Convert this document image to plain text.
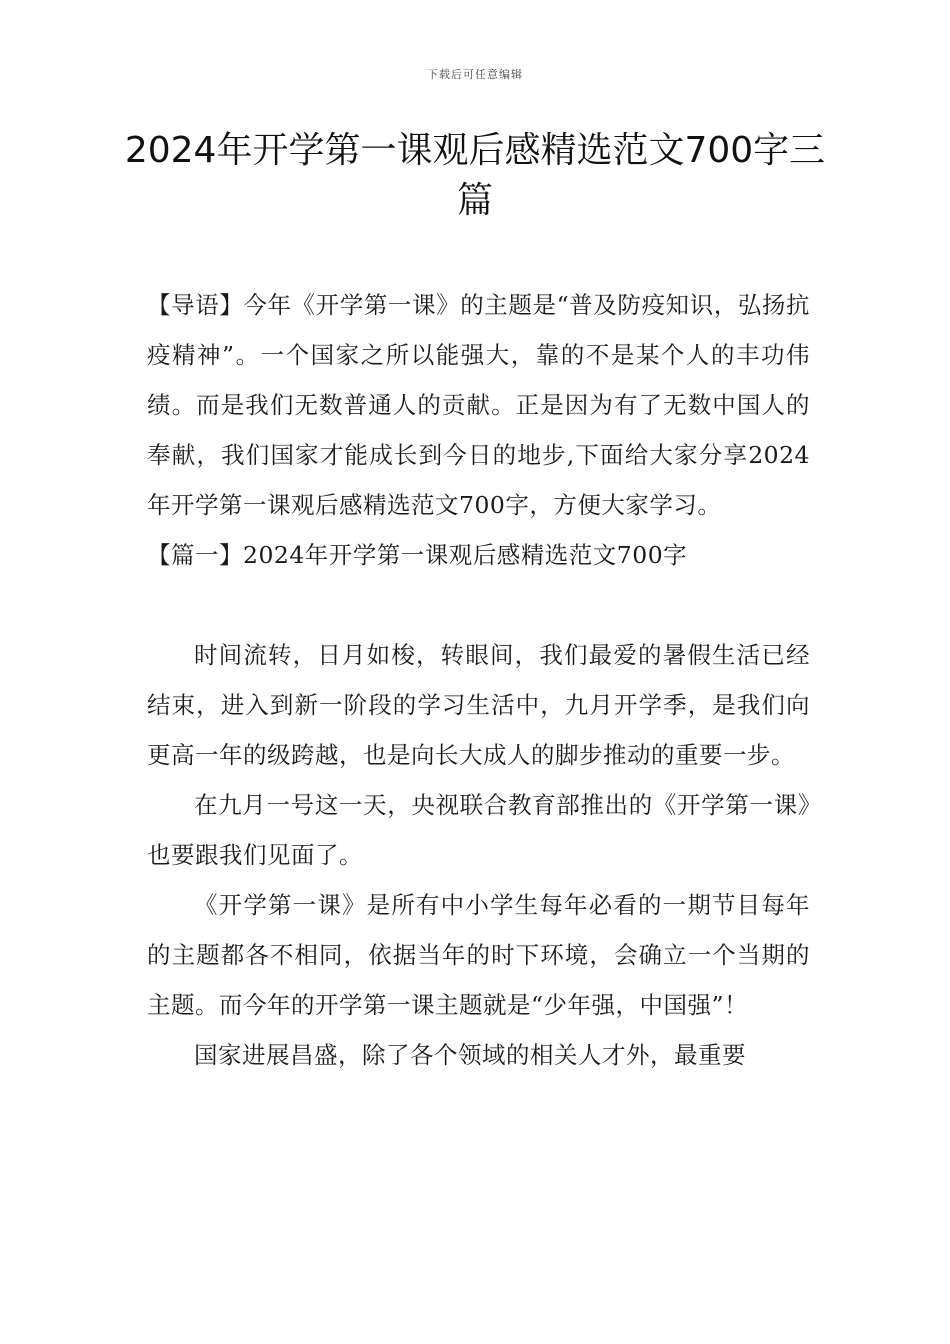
下载后可任意编辑
2024年开学第一课观后感精选范文700字三篇

【导语】今年《开学第一课》的主题是“普及防疫知识，弘扬抗疫精神”。一个国家之所以能强大，靠的不是某个人的丰功伟绩。而是我们无数普通人的贡献。正是因为有了无数中国人的奉献，我们国家才能成长到今日的地步,下面给大家分享2024年开学第一课观后感精选范文700字，方便大家学习。

【篇一】2024年开学第一课观后感精选范文700字

时间流转，日月如梭，转眼间，我们最爱的暑假生活已经结束，进入到新一阶段的学习生活中，九月开学季，是我们向更高一年的级跨越，也是向长大成人的脚步推动的重要一步。

在九月一号这一天，央视联合教育部推出的《开学第一课》也要跟我们见面了。

《开学第一课》是所有中小学生每年必看的一期节目每年的主题都各不相同，依据当年的时下环境，会确立一个当期的主题。而今年的开学第一课主题就是“少年强，中国强”！

国家进展昌盛，除了各个领域的相关人才外，最重要
